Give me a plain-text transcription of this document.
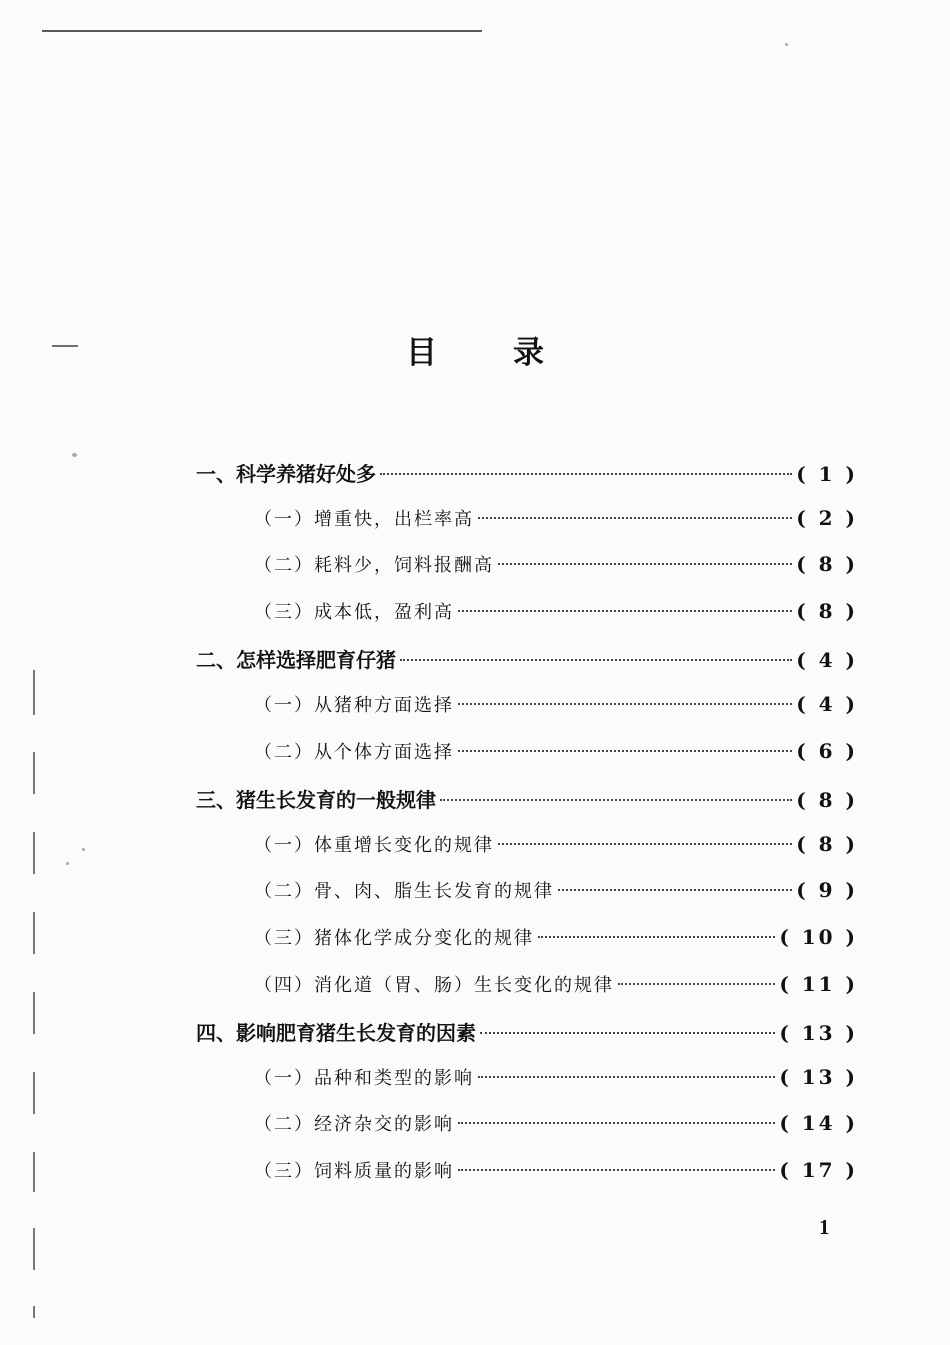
目录
一、科学养猪好处多	( 1 )
（一）增重快，出栏率高	( 2 )
（二）耗料少，饲料报酬高	( 8 )
（三）成本低，盈利高	( 8 )
二、怎样选择肥育仔猪	( 4 )
（一）从猪种方面选择	( 4 )
（二）从个体方面选择	( 6 )
三、猪生长发育的一般规律	( 8 )
（一）体重增长变化的规律	( 8 )
（二）骨、肉、脂生长发育的规律	( 9 )
（三）猪体化学成分变化的规律	( 10 )
（四）消化道（胃、肠）生长变化的规律	( 11 )
四、影响肥育猪生长发育的因素	( 13 )
（一）品种和类型的影响	( 13 )
（二）经济杂交的影响	( 14 )
（三）饲料质量的影响	( 17 )
1
